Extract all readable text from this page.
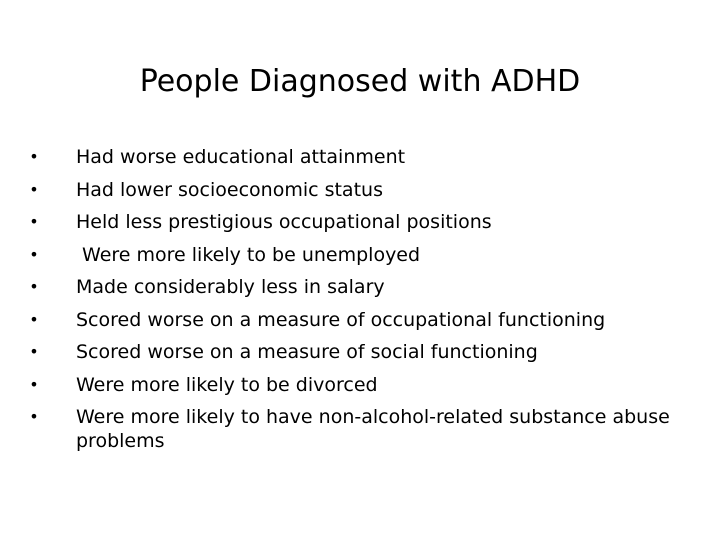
People Diagnosed with ADHD
• Had worse educational attainment
• Had lower socioeconomic status
• Held less prestigious occupational positions
• Were more likely to be unemployed
• Made considerably less in salary
• Scored worse on a measure of occupational functioning
• Scored worse on a measure of social functioning
• Were more likely to be divorced
• Were more likely to have non-alcohol-related substance abuse problems
